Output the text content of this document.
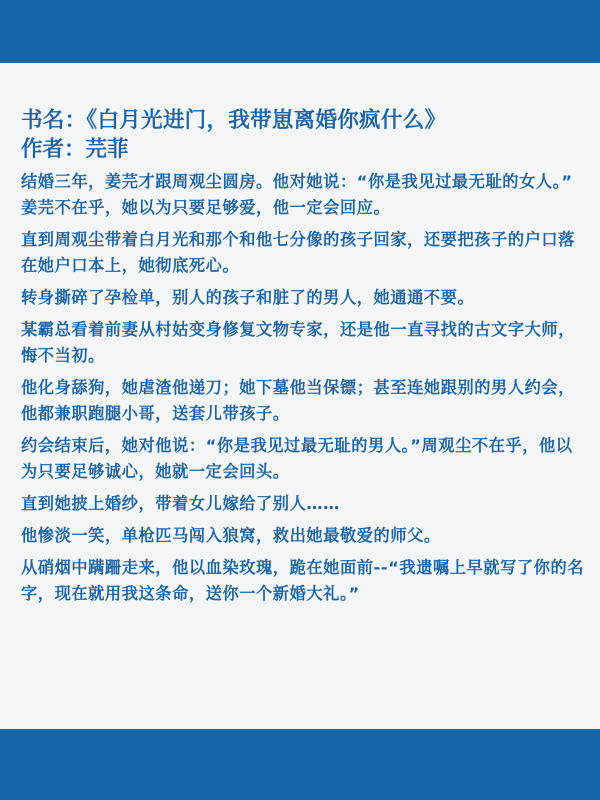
书名：《白月光进门，我带崽离婚你疯什么》
作者：芫菲

结婚三年，姜芫才跟周观尘圆房。他对她说：“你是我见过最无耻的女人。” 姜芫不在乎，她以为只要足够爱，他一定会回应。

直到周观尘带着白月光和那个和他七分像的孩子回家，还要把孩子的户口落在她户口本上，她彻底死心。

转身撕碎了孕检单，别人的孩子和脏了的男人，她通通不要。

某霸总看着前妻从村姑变身修复文物专家，还是他一直寻找的古文字大师，悔不当初。

他化身舔狗，她虐渣他递刀；她下墓他当保镖；甚至连她跟别的男人约会，他都兼职跑腿小哥，送套儿带孩子。

约会结束后，她对他说：“你是我见过最无耻的男人。”周观尘不在乎，他以为只要足够诚心，她就一定会回头。

直到她披上婚纱，带着女儿嫁给了别人……

他惨淡一笑，单枪匹马闯入狼窝，救出她最敬爱的师父。

从硝烟中蹒跚走来，他以血染玫瑰，跪在她面前--“我遗嘱上早就写了你的名字，现在就用我这条命，送你一个新婚大礼。”
